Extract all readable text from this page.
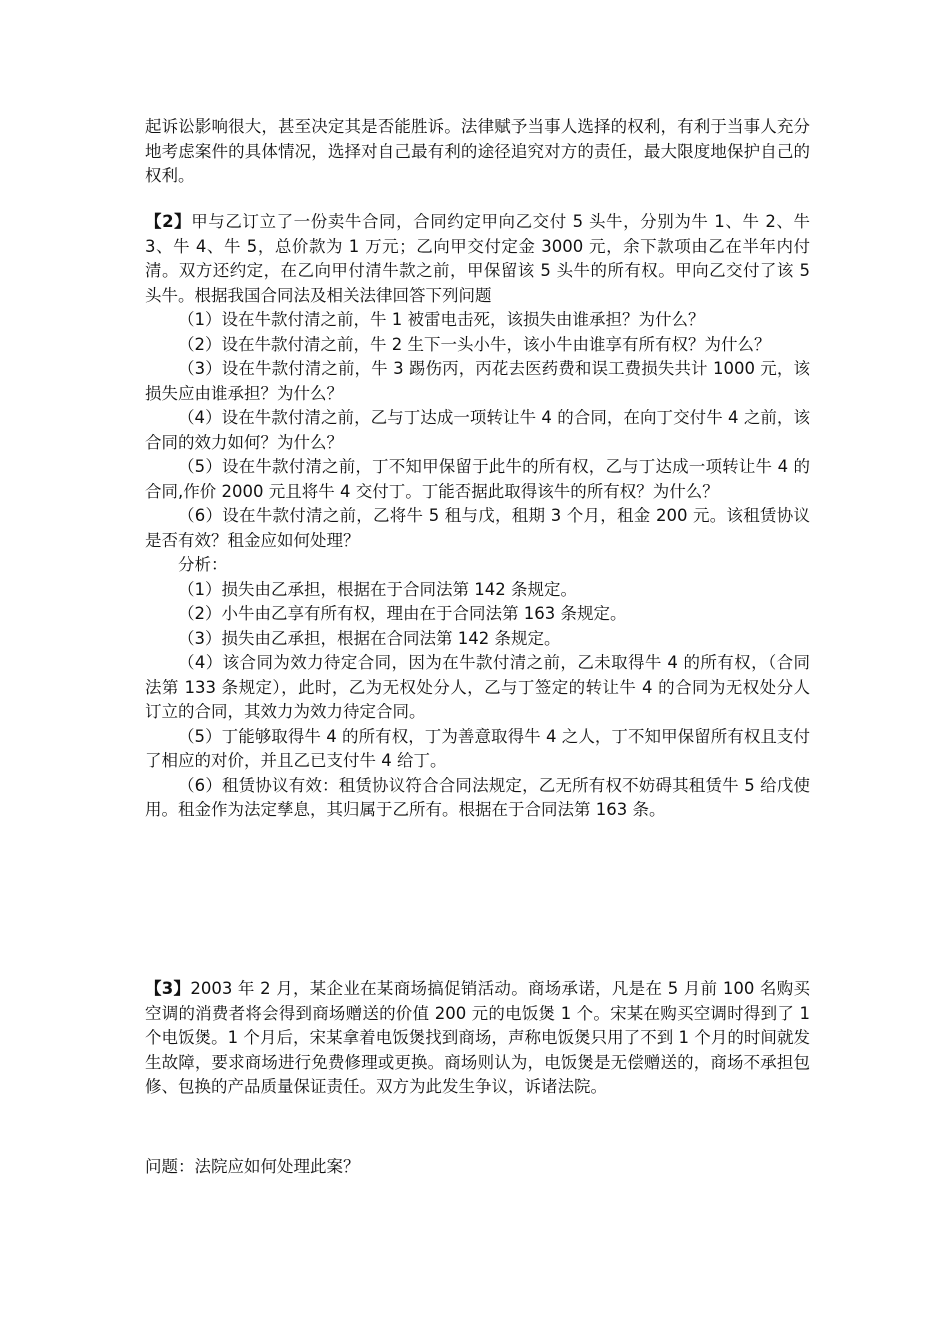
起诉讼影响很大，甚至决定其是否能胜诉。法律赋予当事人选择的权利，有利于当事人充分地考虑案件的具体情况，选择对自己最有利的途径追究对方的责任，最大限度地保护自己的权利。

【2】甲与乙订立了一份卖牛合同，合同约定甲向乙交付 5 头牛，分别为牛 1、牛 2、牛 3、牛 4、牛 5，总价款为 1 万元；乙向甲交付定金 3000 元，余下款项由乙在半年内付清。双方还约定，在乙向甲付清牛款之前，甲保留该 5 头牛的所有权。甲向乙交付了该 5 头牛。根据我国合同法及相关法律回答下列问题

（1）设在牛款付清之前，牛 1 被雷电击死，该损失由谁承担？为什么？

（2）设在牛款付清之前，牛 2 生下一头小牛，该小牛由谁享有所有权？为什么？

（3）设在牛款付清之前，牛 3 踢伤丙，丙花去医药费和误工费损失共计 1000 元，该损失应由谁承担？为什么？

（4）设在牛款付清之前，乙与丁达成一项转让牛 4 的合同，在向丁交付牛 4 之前，该合同的效力如何？为什么？

（5）设在牛款付清之前，丁不知甲保留于此牛的所有权，乙与丁达成一项转让牛 4 的合同,作价 2000 元且将牛 4 交付丁。丁能否据此取得该牛的所有权？为什么？

（6）设在牛款付清之前，乙将牛 5 租与戊，租期 3 个月，租金 200 元。该租赁协议是否有效？租金应如何处理？

分析：

（1）损失由乙承担，根据在于合同法第 142 条规定。

（2）小牛由乙享有所有权，理由在于合同法第 163 条规定。

（3）损失由乙承担，根据在合同法第 142 条规定。

（4）该合同为效力待定合同，因为在牛款付清之前，乙未取得牛 4 的所有权，（合同法第 133 条规定），此时，乙为无权处分人，乙与丁签定的转让牛 4 的合同为无权处分人订立的合同，其效力为效力待定合同。

（5）丁能够取得牛 4 的所有权，丁为善意取得牛 4 之人，丁不知甲保留所有权且支付了相应的对价，并且乙已支付牛 4 给丁。

（6）租赁协议有效：租赁协议符合合同法规定，乙无所有权不妨碍其租赁牛 5 给戊使用。租金作为法定孳息，其归属于乙所有。根据在于合同法第 163 条。

【3】2003 年 2 月，某企业在某商场搞促销活动。商场承诺，凡是在 5 月前 100 名购买空调的消费者将会得到商场赠送的价值 200 元的电饭煲 1 个。宋某在购买空调时得到了 1 个电饭煲。1 个月后，宋某拿着电饭煲找到商场，声称电饭煲只用了不到 1 个月的时间就发生故障，要求商场进行免费修理或更换。商场则认为，电饭煲是无偿赠送的，商场不承担包修、包换的产品质量保证责任。双方为此发生争议，诉诸法院。

问题：法院应如何处理此案？
